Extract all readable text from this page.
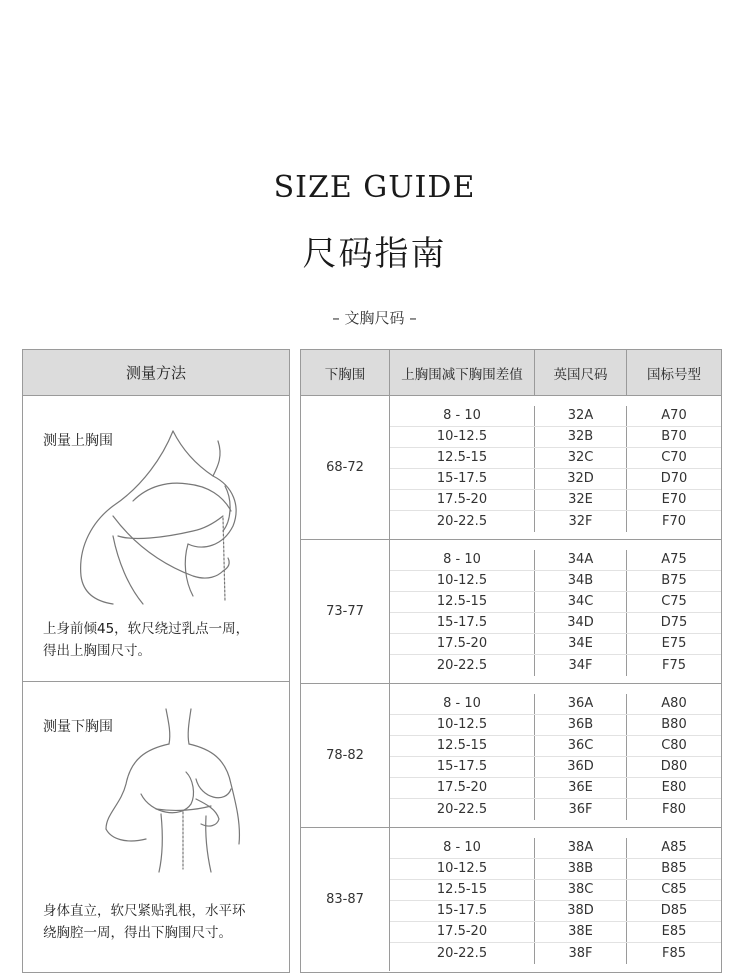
SIZE GUIDE
尺码指南
– 文胸尺码 –
测量方法
测量上胸围
上身前倾45，软尺绕过乳点一周，
得出上胸围尺寸。
测量下胸围
身体直立，软尺紧贴乳根，水平环
绕胸腔一周，得出下胸围尺寸。
下胸围	上胸围减下胸围差值	英国尺码	国标号型
68-72
8 - 10	32A	A70
10-12.5	32B	B70
12.5-15	32C	C70
15-17.5	32D	D70
17.5-20	32E	E70
20-22.5	32F	F70
73-77
8 - 10	34A	A75
10-12.5	34B	B75
12.5-15	34C	C75
15-17.5	34D	D75
17.5-20	34E	E75
20-22.5	34F	F75
78-82
8 - 10	36A	A80
10-12.5	36B	B80
12.5-15	36C	C80
15-17.5	36D	D80
17.5-20	36E	E80
20-22.5	36F	F80
83-87
8 - 10	38A	A85
10-12.5	38B	B85
12.5-15	38C	C85
15-17.5	38D	D85
17.5-20	38E	E85
20-22.5	38F	F85
